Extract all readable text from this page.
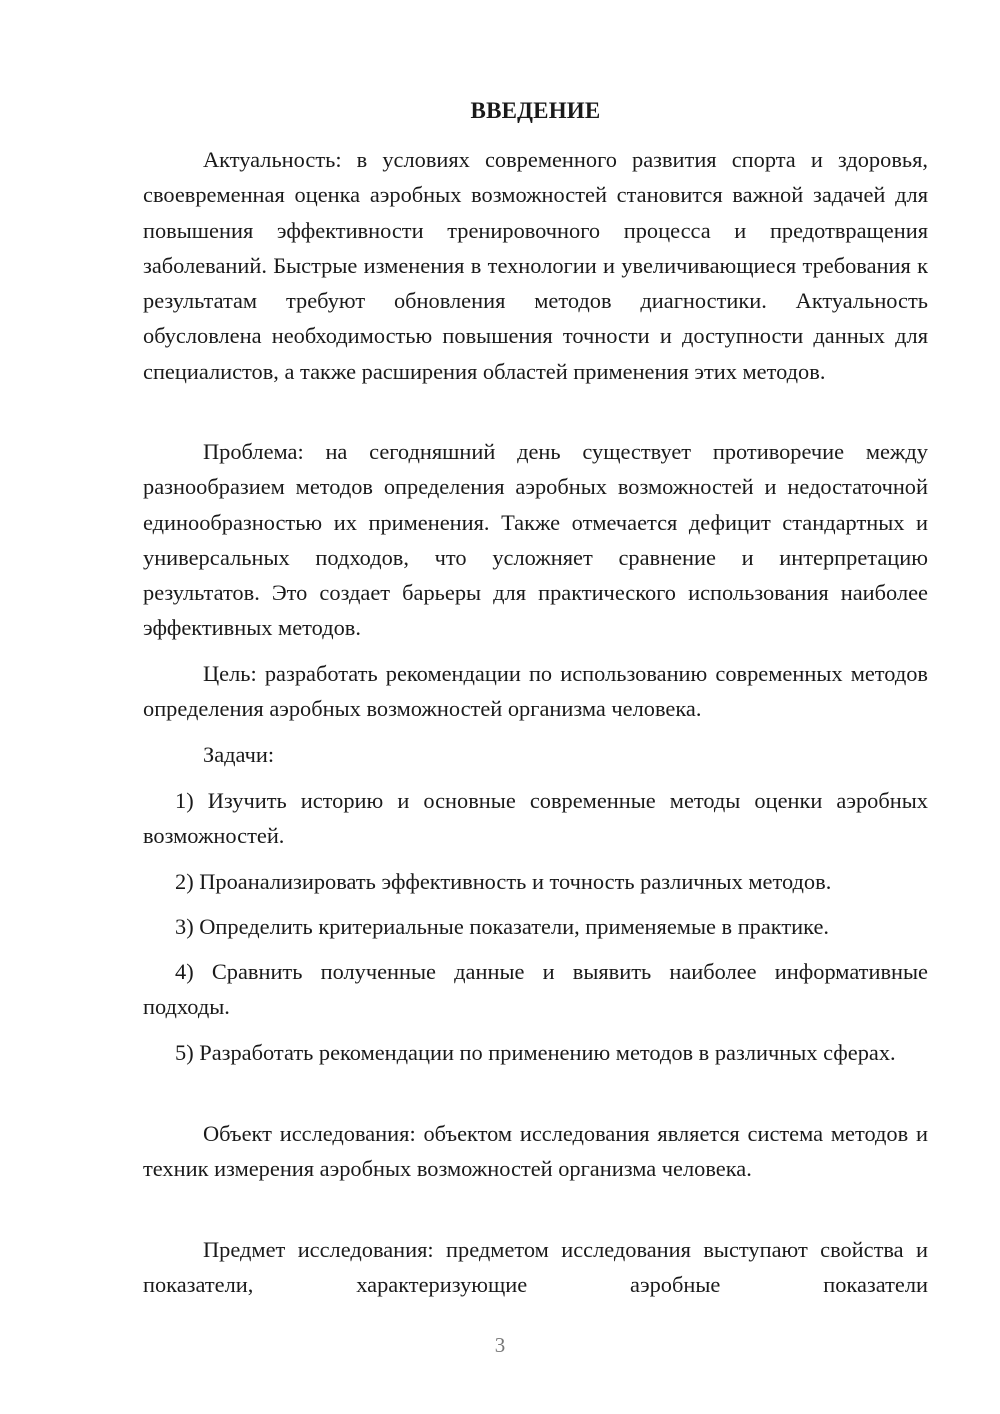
ВВЕДЕНИЕ

Актуальность: в условиях современного развития спорта и здоровья, своевременная оценка аэробных возможностей становится важной задачей для повышения эффективности тренировочного процесса и предотвращения заболеваний. Быстрые изменения в технологии и увеличивающиеся требования к результатам требуют обновления методов диагностики. Актуальность обусловлена необходимостью повышения точности и доступности данных для специалистов, а также расширения областей применения этих методов.

Проблема: на сегодняшний день существует противоречие между разнообразием методов определения аэробных возможностей и недостаточной единообразностью их применения. Также отмечается дефицит стандартных и универсальных подходов, что усложняет сравнение и интерпретацию результатов. Это создает барьеры для практического использования наиболее эффективных методов.

Цель: разработать рекомендации по использованию современных методов определения аэробных возможностей организма человека.

Задачи:

1) Изучить историю и основные современные методы оценки аэробных возможностей.

2) Проанализировать эффективность и точность различных методов.

3) Определить критериальные показатели, применяемые в практике.

4) Сравнить полученные данные и выявить наиболее информативные подходы.

5) Разработать рекомендации по применению методов в различных сферах.

Объект исследования: объектом исследования является система методов и техник измерения аэробных возможностей организма человека.

Предмет исследования: предметом исследования выступают свойства и показатели, характеризующие аэробные показатели

3
